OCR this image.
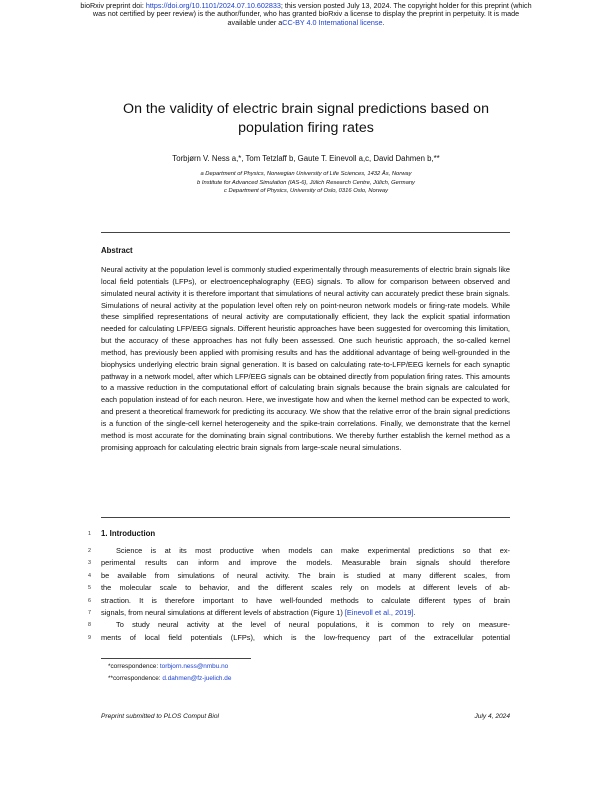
bioRxiv preprint doi: https://doi.org/10.1101/2024.07.10.602833; this version posted July 13, 2024. The copyright holder for this preprint (which
was not certified by peer review) is the author/funder, who has granted bioRxiv a license to display the preprint in perpetuity. It is made
available under aCC-BY 4.0 International license.
On the validity of electric brain signal predictions based on
population firing rates
Torbjørn V. Ness a,*, Tom Tetzlaff b, Gaute T. Einevoll a,c, David Dahmen b,**
a Department of Physics, Norwegian University of Life Sciences, 1432 Ås, Norway
b Institute for Advanced Simulation (IAS-6), Jülich Research Centre, Jülich, Germany
c Department of Physics, University of Oslo, 0316 Oslo, Norway
Abstract
Neural activity at the population level is commonly studied experimentally through measurements of electric brain signals like local field potentials (LFPs), or electroencephalography (EEG) signals. To allow for comparison between observed and simulated neural activity it is therefore important that simulations of neural activity can accurately predict these brain signals. Simulations of neural activity at the population level often rely on point-neuron network models or firing-rate models. While these simplified representations of neural activity are computationally efficient, they lack the explicit spatial information needed for calculating LFP/EEG signals. Different heuristic approaches have been suggested for overcoming this limitation, but the accuracy of these approaches has not fully been assessed. One such heuristic approach, the so-called kernel method, has previously been applied with promising results and has the additional advantage of being well-grounded in the biophysics underlying electric brain signal generation. It is based on calculating rate-to-LFP/EEG kernels for each synaptic pathway in a network model, after which LFP/EEG signals can be obtained directly from population firing rates. This amounts to a massive reduction in the computational effort of calculating brain signals because the brain signals are calculated for each population instead of for each neuron. Here, we investigate how and when the kernel method can be expected to work, and present a theoretical framework for predicting its accuracy. We show that the relative error of the brain signal predictions is a function of the single-cell kernel heterogeneity and the spike-train correlations. Finally, we demonstrate that the kernel method is most accurate for the dominating brain signal contributions. We thereby further establish the kernel method as a promising approach for calculating electric brain signals from large-scale neural simulations.
1 1. Introduction
2	Science is at its most productive when models can make experimental predictions so that ex-
3 perimental results can inform and improve the models. Measurable brain signals should therefore
4 be available from simulations of neural activity. The brain is studied at many different scales, from
5 the molecular scale to behavior, and the different scales rely on models at different levels of ab-
6 straction. It is therefore important to have well-founded methods to calculate different types of brain
7 signals, from neural simulations at different levels of abstraction (Figure 1) [Einevoll et al., 2019].
8	To study neural activity at the level of neural populations, it is common to rely on measure-
9 ments of local field potentials (LFPs), which is the low-frequency part of the extracellular potential
*correspondence: torbjorn.ness@nmbu.no
**correspondence: d.dahmen@fz-juelich.de
Preprint submitted to PLOS Comput Biol	July 4, 2024
